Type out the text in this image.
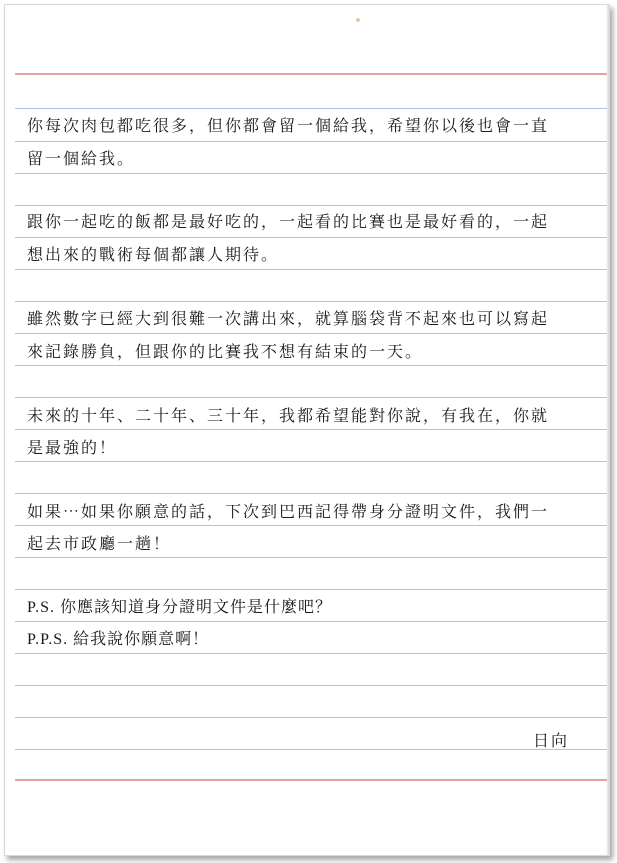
你每次肉包都吃很多，但你都會留一個給我，希望你以後也會一直
留一個給我。
跟你一起吃的飯都是最好吃的，一起看的比賽也是最好看的，一起
想出來的戰術每個都讓人期待。
雖然數字已經大到很難一次講出來，就算腦袋背不起來也可以寫起
來記錄勝負，但跟你的比賽我不想有結束的一天。
未來的十年、二十年、三十年，我都希望能對你說，有我在，你就
是最強的！
如果⋯如果你願意的話，下次到巴西記得帶身分證明文件，我們一
起去市政廳一趟！
P.S. 你應該知道身分證明文件是什麼吧？
P.P.S. 給我說你願意啊！
日向
